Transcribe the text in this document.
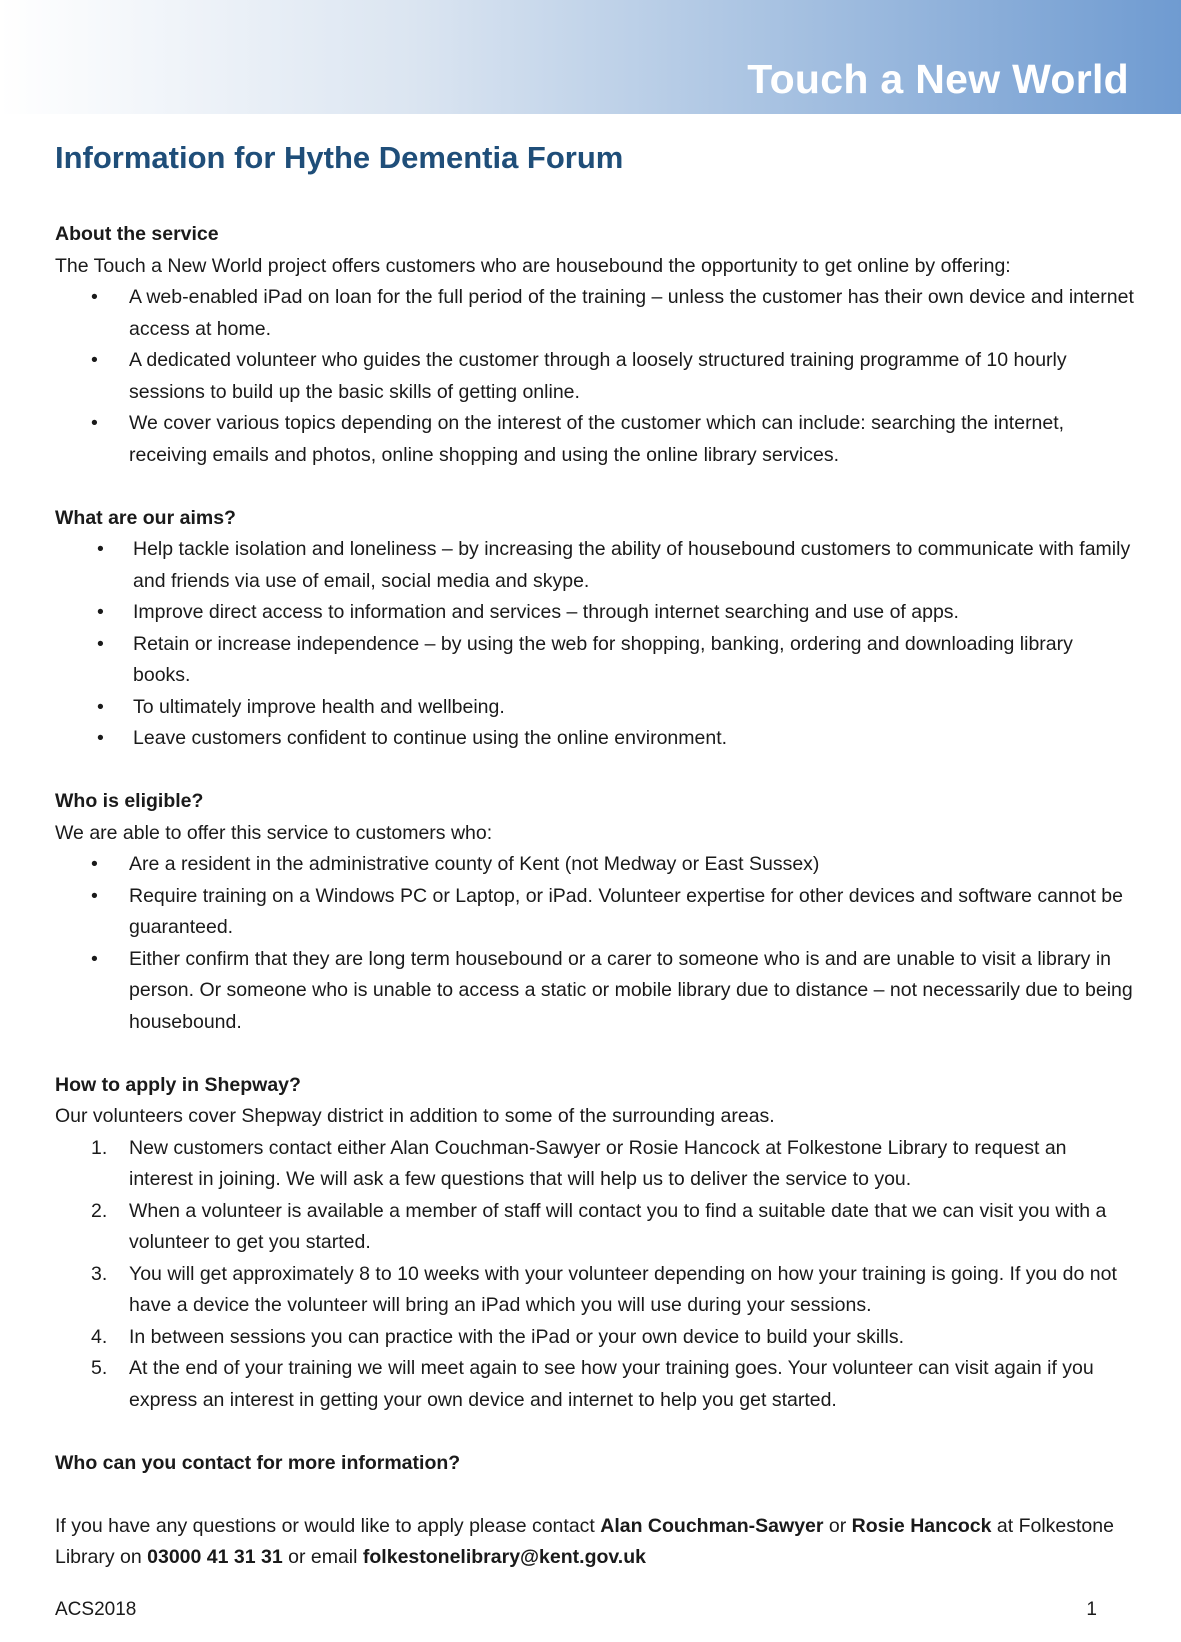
Touch a New World
Information for Hythe Dementia Forum
About the service
The Touch a New World project offers customers who are housebound the opportunity to get online by offering:
• A web-enabled iPad on loan for the full period of the training – unless the customer has their own device and internet access at home.
• A dedicated volunteer who guides the customer through a loosely structured training programme of 10 hourly sessions to build up the basic skills of getting online.
• We cover various topics depending on the interest of the customer which can include: searching the internet, receiving emails and photos, online shopping and using the online library services.
What are our aims?
• Help tackle isolation and loneliness – by increasing the ability of housebound customers to communicate with family and friends via use of email, social media and skype.
• Improve direct access to information and services – through internet searching and use of apps.
• Retain or increase independence – by using the web for shopping, banking, ordering and downloading library books.
• To ultimately improve health and wellbeing.
• Leave customers confident to continue using the online environment.
Who is eligible?
We are able to offer this service to customers who:
• Are a resident in the administrative county of Kent (not Medway or East Sussex)
• Require training on a Windows PC or Laptop, or iPad. Volunteer expertise for other devices and software cannot be guaranteed.
• Either confirm that they are long term housebound or a carer to someone who is and are unable to visit a library in person. Or someone who is unable to access a static or mobile library due to distance – not necessarily due to being housebound.
How to apply in Shepway?
Our volunteers cover Shepway district in addition to some of the surrounding areas.
1. New customers contact either Alan Couchman-Sawyer or Rosie Hancock at Folkestone Library to request an interest in joining. We will ask a few questions that will help us to deliver the service to you.
2. When a volunteer is available a member of staff will contact you to find a suitable date that we can visit you with a volunteer to get you started.
3. You will get approximately 8 to 10 weeks with your volunteer depending on how your training is going. If you do not have a device the volunteer will bring an iPad which you will use during your sessions.
4. In between sessions you can practice with the iPad or your own device to build your skills.
5. At the end of your training we will meet again to see how your training goes. Your volunteer can visit again if you express an interest in getting your own device and internet to help you get started.
Who can you contact for more information?

If you have any questions or would like to apply please contact Alan Couchman-Sawyer or Rosie Hancock at Folkestone Library on 03000 41 31 31 or email folkestonelibrary@kent.gov.uk

ACS2018	1
